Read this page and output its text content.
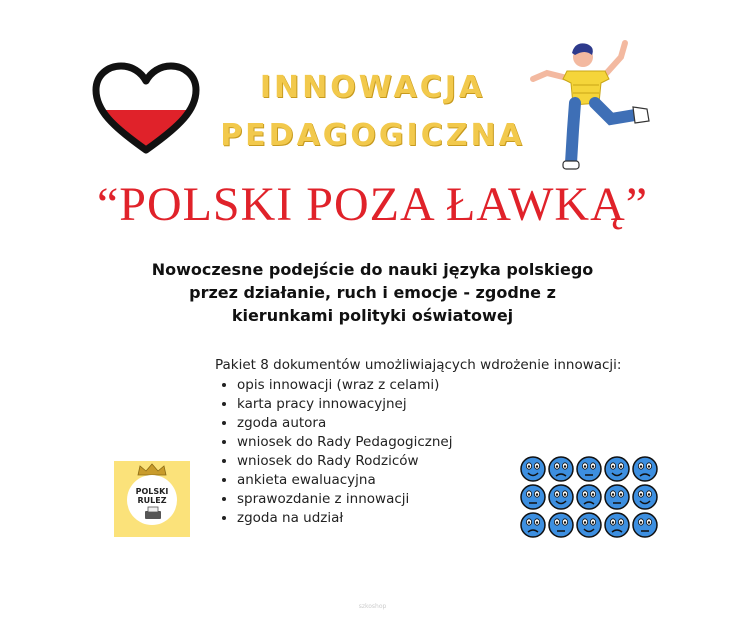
INNOWACJA
PEDAGOGICZNA
“POLSKI POZA ŁAWKĄ”
Nowoczesne podejście do nauki języka polskiego przez działanie, ruch i emocje - zgodne z kierunkami polityki oświatowej

Pakiet 8 dokumentów umożliwiających wdrożenie innowacji:

• opis innowacji (wraz z celami)
• karta pracy innowacyjnej
• zgoda autora
• wniosek do Rady Pedagogicznej
• wniosek do Rady Rodziców
• ankieta ewaluacyjna
• sprawozdanie z innowacji
• zgoda na udział
POLSKI
RULEZ
szkoshop
